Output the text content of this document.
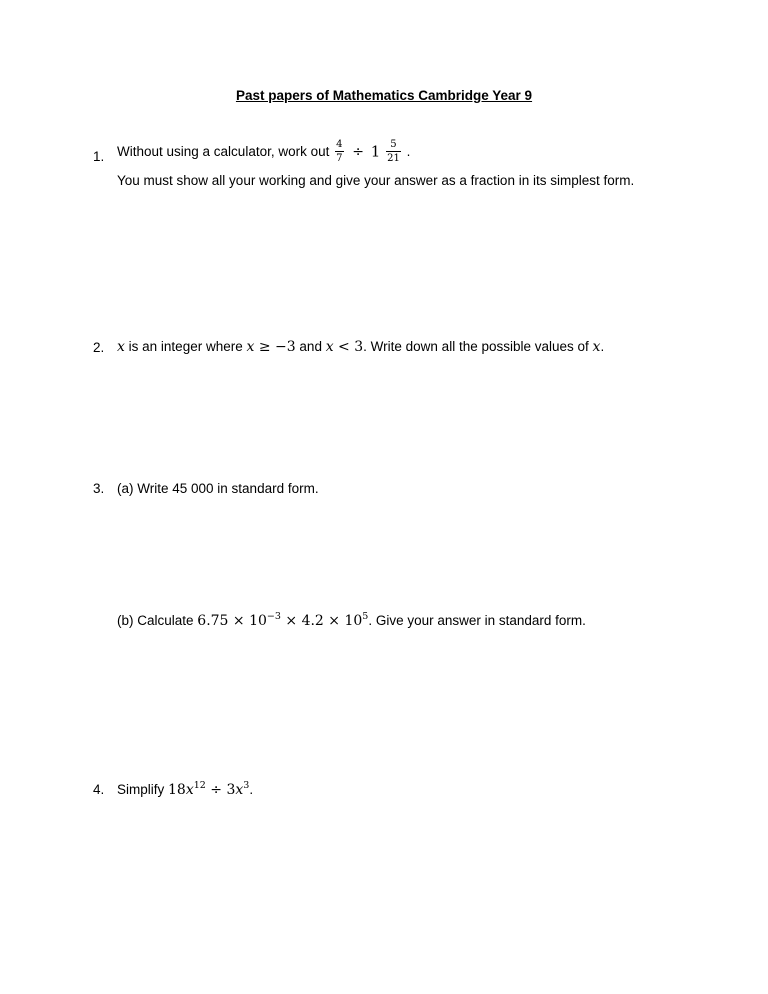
Past papers of Mathematics Cambridge Year 9
1. Without using a calculator, work out $\frac{4}{7} \div 1 \frac{5}{21}$ .
You must show all your working and give your answer as a fraction in its simplest form.
2. x is an integer where x ≥ −3 and x < 3. Write down all the possible values of x.
3. (a) Write 45 000 in standard form.
(b) Calculate $6.75 \times 10^{-3} \times 4.2 \times 10^5$. Give your answer in standard form.
4. Simplify $18x^{12} \div 3x^3$.
